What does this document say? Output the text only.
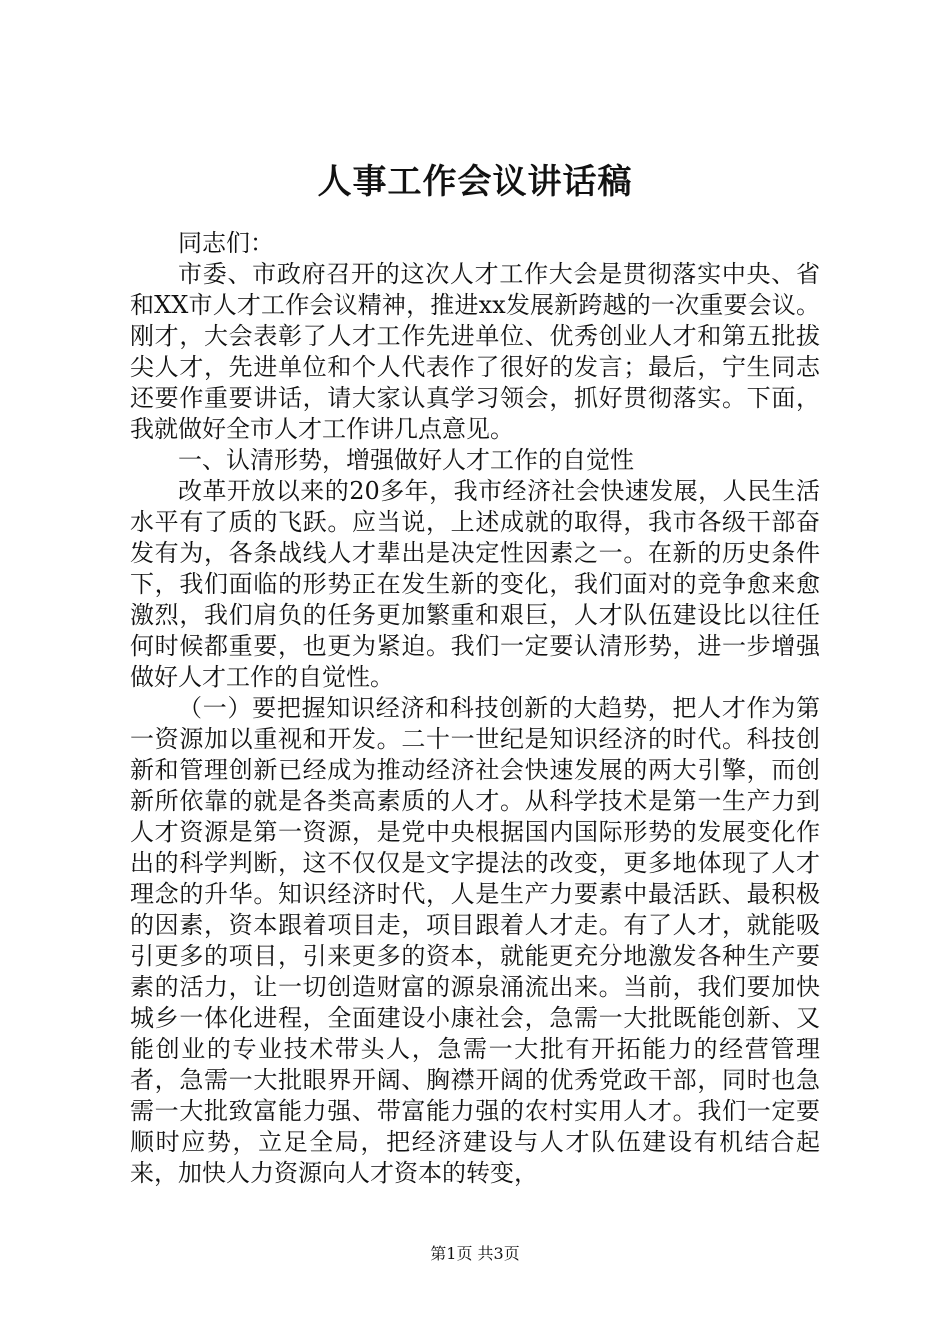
人事工作会议讲话稿

同志们：

市委、市政府召开的这次人才工作大会是贯彻落实中央、省和XX市人才工作会议精神，推进xx发展新跨越的一次重要会议。刚才，大会表彰了人才工作先进单位、优秀创业人才和第五批拔尖人才，先进单位和个人代表作了很好的发言；最后，宁生同志还要作重要讲话，请大家认真学习领会，抓好贯彻落实。下面，我就做好全市人才工作讲几点意见。

一、认清形势，增强做好人才工作的自觉性

改革开放以来的20多年，我市经济社会快速发展，人民生活水平有了质的飞跃。应当说，上述成就的取得，我市各级干部奋发有为，各条战线人才辈出是决定性因素之一。在新的历史条件下，我们面临的形势正在发生新的变化，我们面对的竞争愈来愈激烈，我们肩负的任务更加繁重和艰巨，人才队伍建设比以往任何时候都重要，也更为紧迫。我们一定要认清形势，进一步增强做好人才工作的自觉性。

（一）要把握知识经济和科技创新的大趋势，把人才作为第一资源加以重视和开发。二十一世纪是知识经济的时代。科技创新和管理创新已经成为推动经济社会快速发展的两大引擎，而创新所依靠的就是各类高素质的人才。从科学技术是第一生产力到人才资源是第一资源，是党中央根据国内国际形势的发展变化作出的科学判断，这不仅仅是文字提法的改变，更多地体现了人才理念的升华。知识经济时代，人是生产力要素中最活跃、最积极的因素，资本跟着项目走，项目跟着人才走。有了人才，就能吸引更多的项目，引来更多的资本，就能更充分地激发各种生产要素的活力，让一切创造财富的源泉涌流出来。当前，我们要加快城乡一体化进程，全面建设小康社会，急需一大批既能创新、又能创业的专业技术带头人，急需一大批有开拓能力的经营管理者，急需一大批眼界开阔、胸襟开阔的优秀党政干部，同时也急需一大批致富能力强、带富能力强的农村实用人才。我们一定要顺时应势，立足全局，把经济建设与人才队伍建设有机结合起来，加快人力资源向人才资本的转变，

第1页 共3页
